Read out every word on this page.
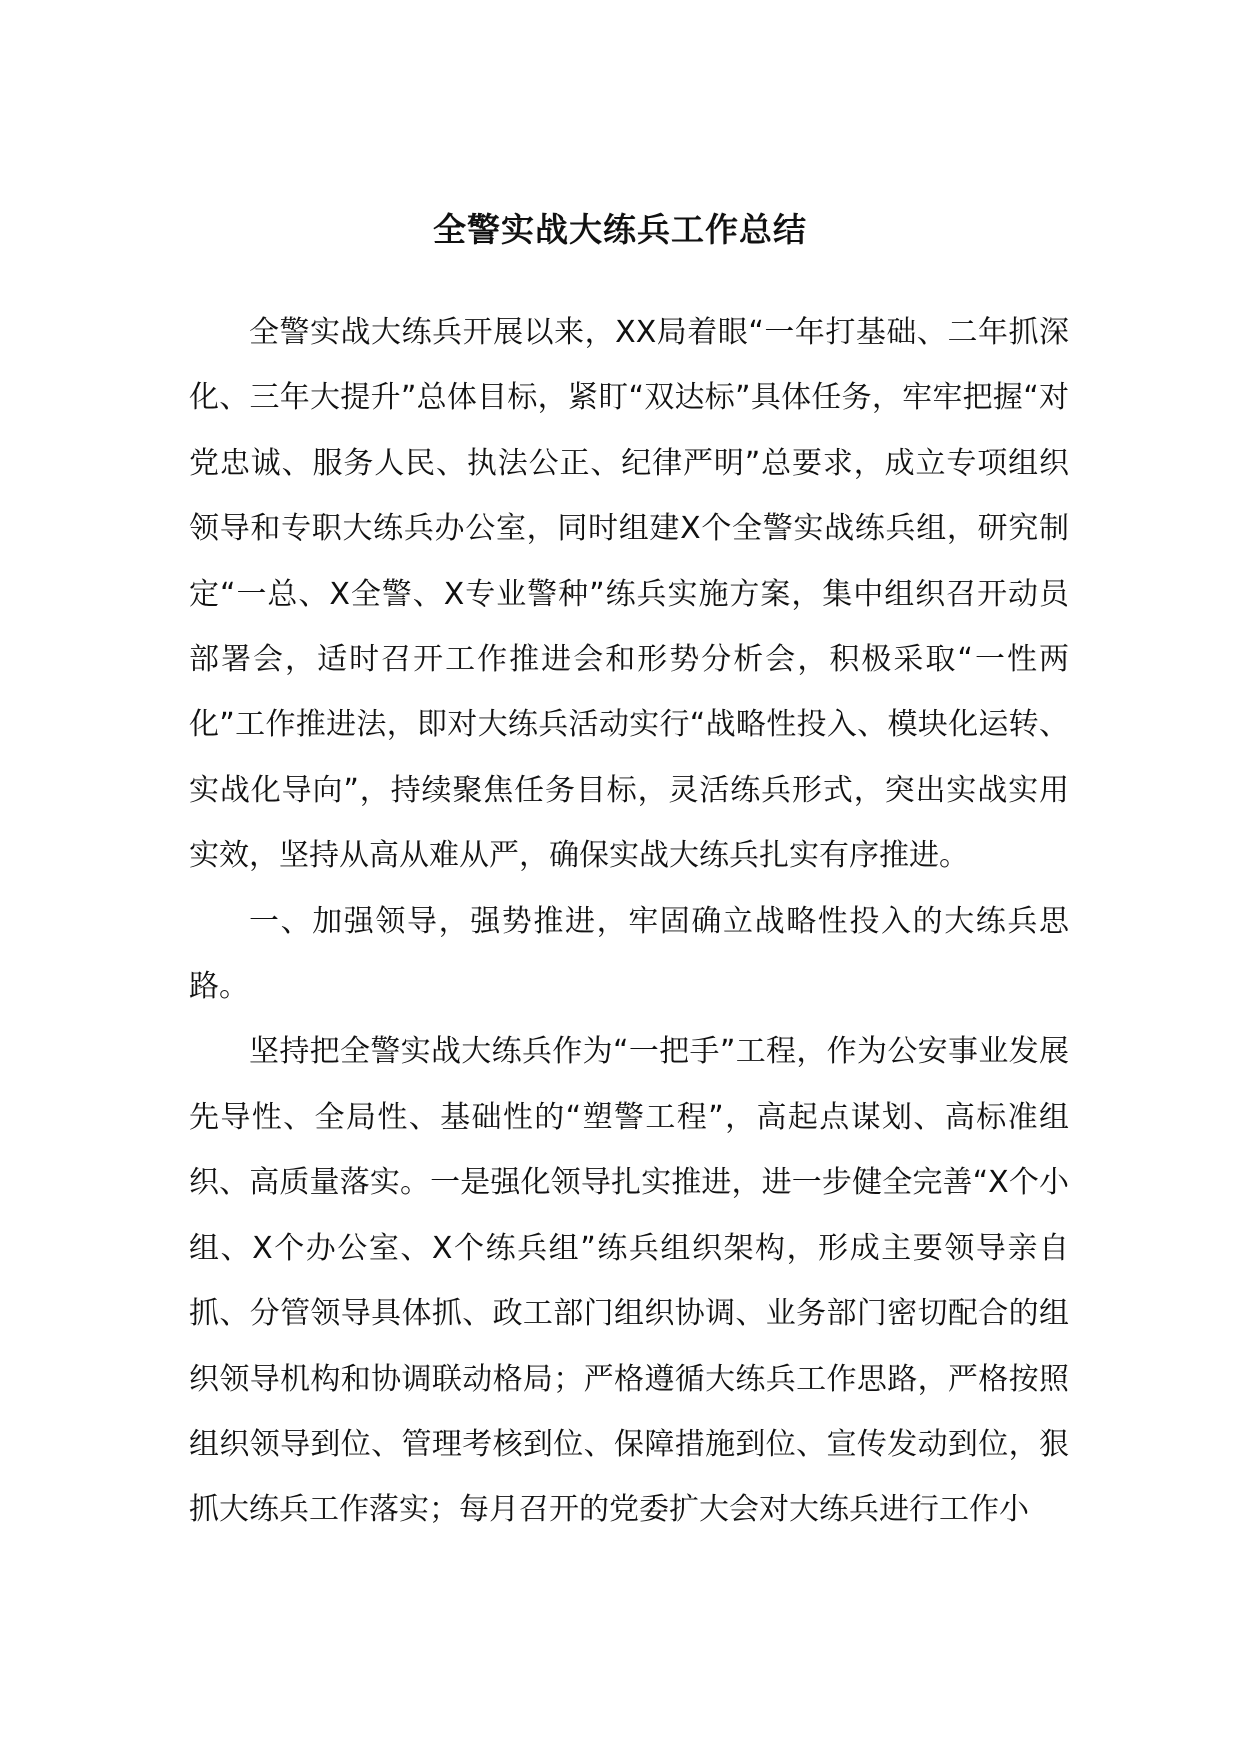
全警实战大练兵工作总结

全警实战大练兵开展以来，XX局着眼“一年打基础、二年抓深化、三年大提升”总体目标，紧盯“双达标”具体任务，牢牢把握“对党忠诚、服务人民、执法公正、纪律严明”总要求，成立专项组织领导和专职大练兵办公室，同时组建X个全警实战练兵组，研究制定“一总、X全警、X专业警种”练兵实施方案，集中组织召开动员部署会，适时召开工作推进会和形势分析会，积极采取“一性两化”工作推进法，即对大练兵活动实行“战略性投入、模块化运转、实战化导向”，持续聚焦任务目标，灵活练兵形式，突出实战实用实效，坚持从高从难从严，确保实战大练兵扎实有序推进。

一、加强领导，强势推进，牢固确立战略性投入的大练兵思路。

坚持把全警实战大练兵作为“一把手”工程，作为公安事业发展先导性、全局性、基础性的“塑警工程”，高起点谋划、高标准组织、高质量落实。一是强化领导扎实推进，进一步健全完善“X个小组、X个办公室、X个练兵组”练兵组织架构，形成主要领导亲自抓、分管领导具体抓、政工部门组织协调、业务部门密切配合的组织领导机构和协调联动格局；严格遵循大练兵工作思路，严格按照组织领导到位、管理考核到位、保障措施到位、宣传发动到位，狠抓大练兵工作落实；每月召开的党委扩大会对大练兵进行工作小
